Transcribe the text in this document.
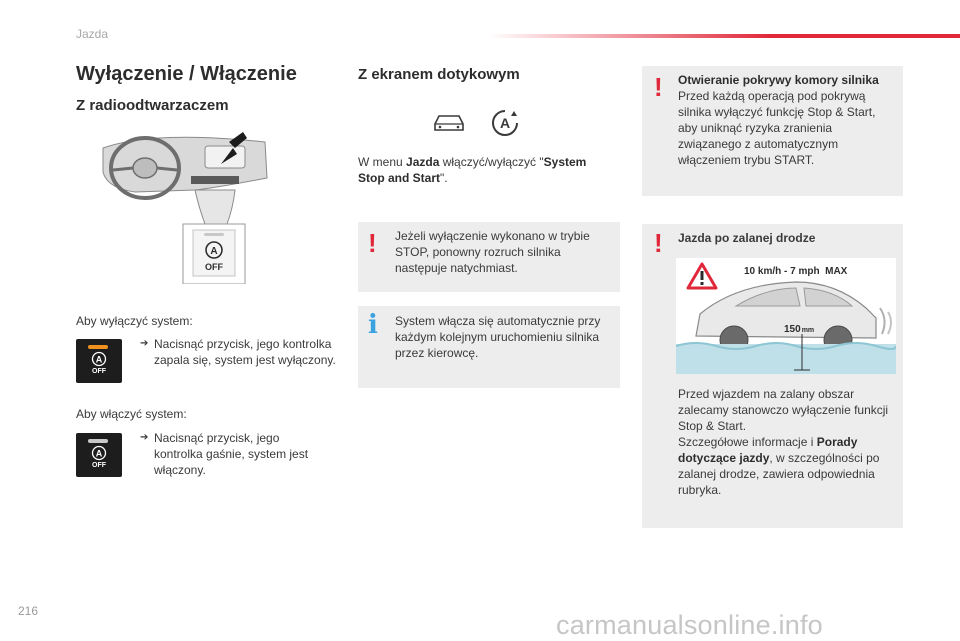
Jazda
Wyłączenie / Włączenie
Z radioodtwarzaczem
A
OFF
Aby wyłączyć system:
A
OFF
➔ Nacisnąć przycisk, jego kontrolka zapala się, system jest wyłączony.
Aby włączyć system:
A
OFF
➔ Nacisnąć przycisk, jego kontrolka gaśnie, system jest włączony.
Z ekranem dotykowym
A
W menu Jazda włączyć/wyłączyć "System Stop and Start".
! Jeżeli wyłączenie wykonano w trybie STOP, ponowny rozruch silnika następuje natychmiast.
i System włącza się automatycznie przy każdym kolejnym uruchomieniu silnika przez kierowcę.
! Otwieranie pokrywy komory silnika
Przed każdą operacją pod pokrywą silnika wyłączyć funkcję Stop & Start, aby uniknąć ryzyka zranienia związanego z automatycznym włączeniem trybu START.
! Jazda po zalanej drodze
10 km/h - 7 mph  MAX
150mm
Przed wjazdem na zalany obszar zalecamy stanowczo wyłączenie funkcji Stop & Start.
Szczegółowe informacje i Porady dotyczące jazdy, w szczególności po zalanej drodze, zawiera odpowiednia rubryka.
216	carmanualsonline.info
